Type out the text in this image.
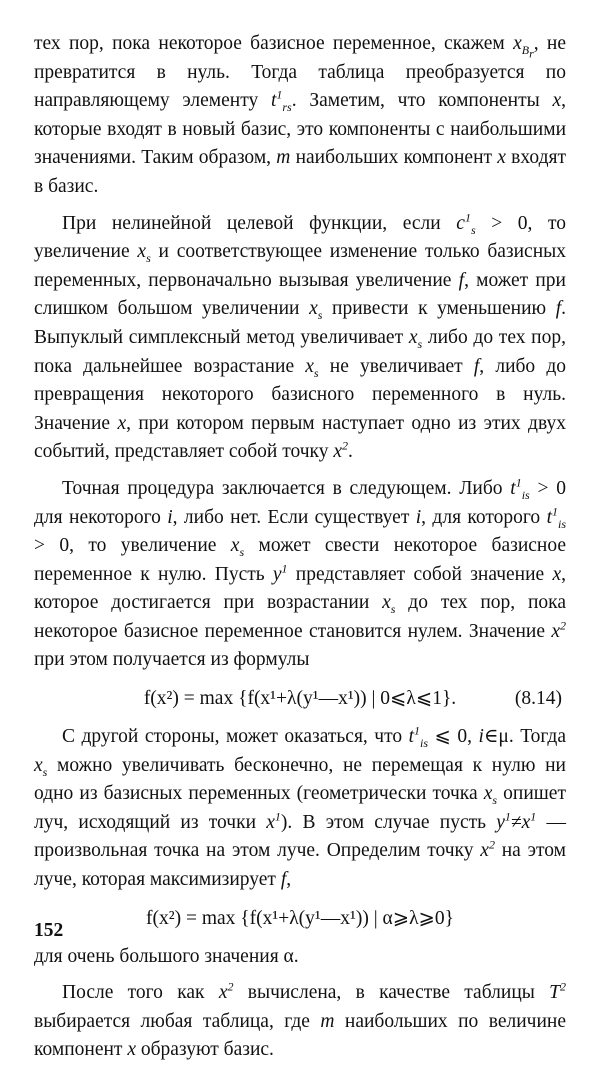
тех пор, пока некоторое базисное переменное, скажем $x_{B_r}$, не превратится в нуль. Тогда таблица преобразуется по направляющему элементу $t^1_{rs}$. Заметим, что компоненты x, которые входят в новый базис, это компоненты с наибольшими значениями. Таким образом, m наибольших компонент x входят в базис.

При нелинейной целевой функции, если $c^1_s > 0$, то увеличение $x_s$ и соответствующее изменение только базисных переменных, первоначально вызывая увеличение f, может при слишком большом увеличении $x_s$ привести к уменьшению f. Выпуклый симплексный метод увеличивает $x_s$ либо до тех пор, пока дальнейшее возрастание $x_s$ не увеличивает f, либо до превращения некоторого базисного переменного в нуль. Значение x, при котором первым наступает одно из этих двух событий, представляет собой точку $x^2$.

Точная процедура заключается в следующем. Либо $t^1_{is} > 0$ для некоторого i, либо нет. Если существует i, для которого $t^1_{is} > 0$, то увеличение $x_s$ может свести некоторое базисное переменное к нулю. Пусть $y^1$ представляет собой значение x, которое достигается при возрастании $x_s$ до тех пор, пока некоторое базисное переменное становится нулем. Значение $x^2$ при этом получается из формулы

f(x²) = max {f(x¹+λ(y¹—x¹)) | 0⩽λ⩽1}.	(8.14)

С другой стороны, может оказаться, что $t^1_{is}$ ⩽ 0, i∈μ. Тогда $x_s$ можно увеличивать бесконечно, не перемещая к нулю ни одно из базисных переменных (геометрически точка $x_s$ опишет луч, исходящий из точки $x^1$). В этом случае пусть $y^1\ne x^1$ — произвольная точка на этом луче. Определим точку $x^2$ на этом луче, которая максимизирует f,

f(x²) = max {f(x¹+λ(y¹—x¹)) | α⩾λ⩾0}

для очень большого значения α.

После того как $x^2$ вычислена, в качестве таблицы $T^2$ выбирается любая таблица, где m наибольших по величине компонент x образуют базис.

152
